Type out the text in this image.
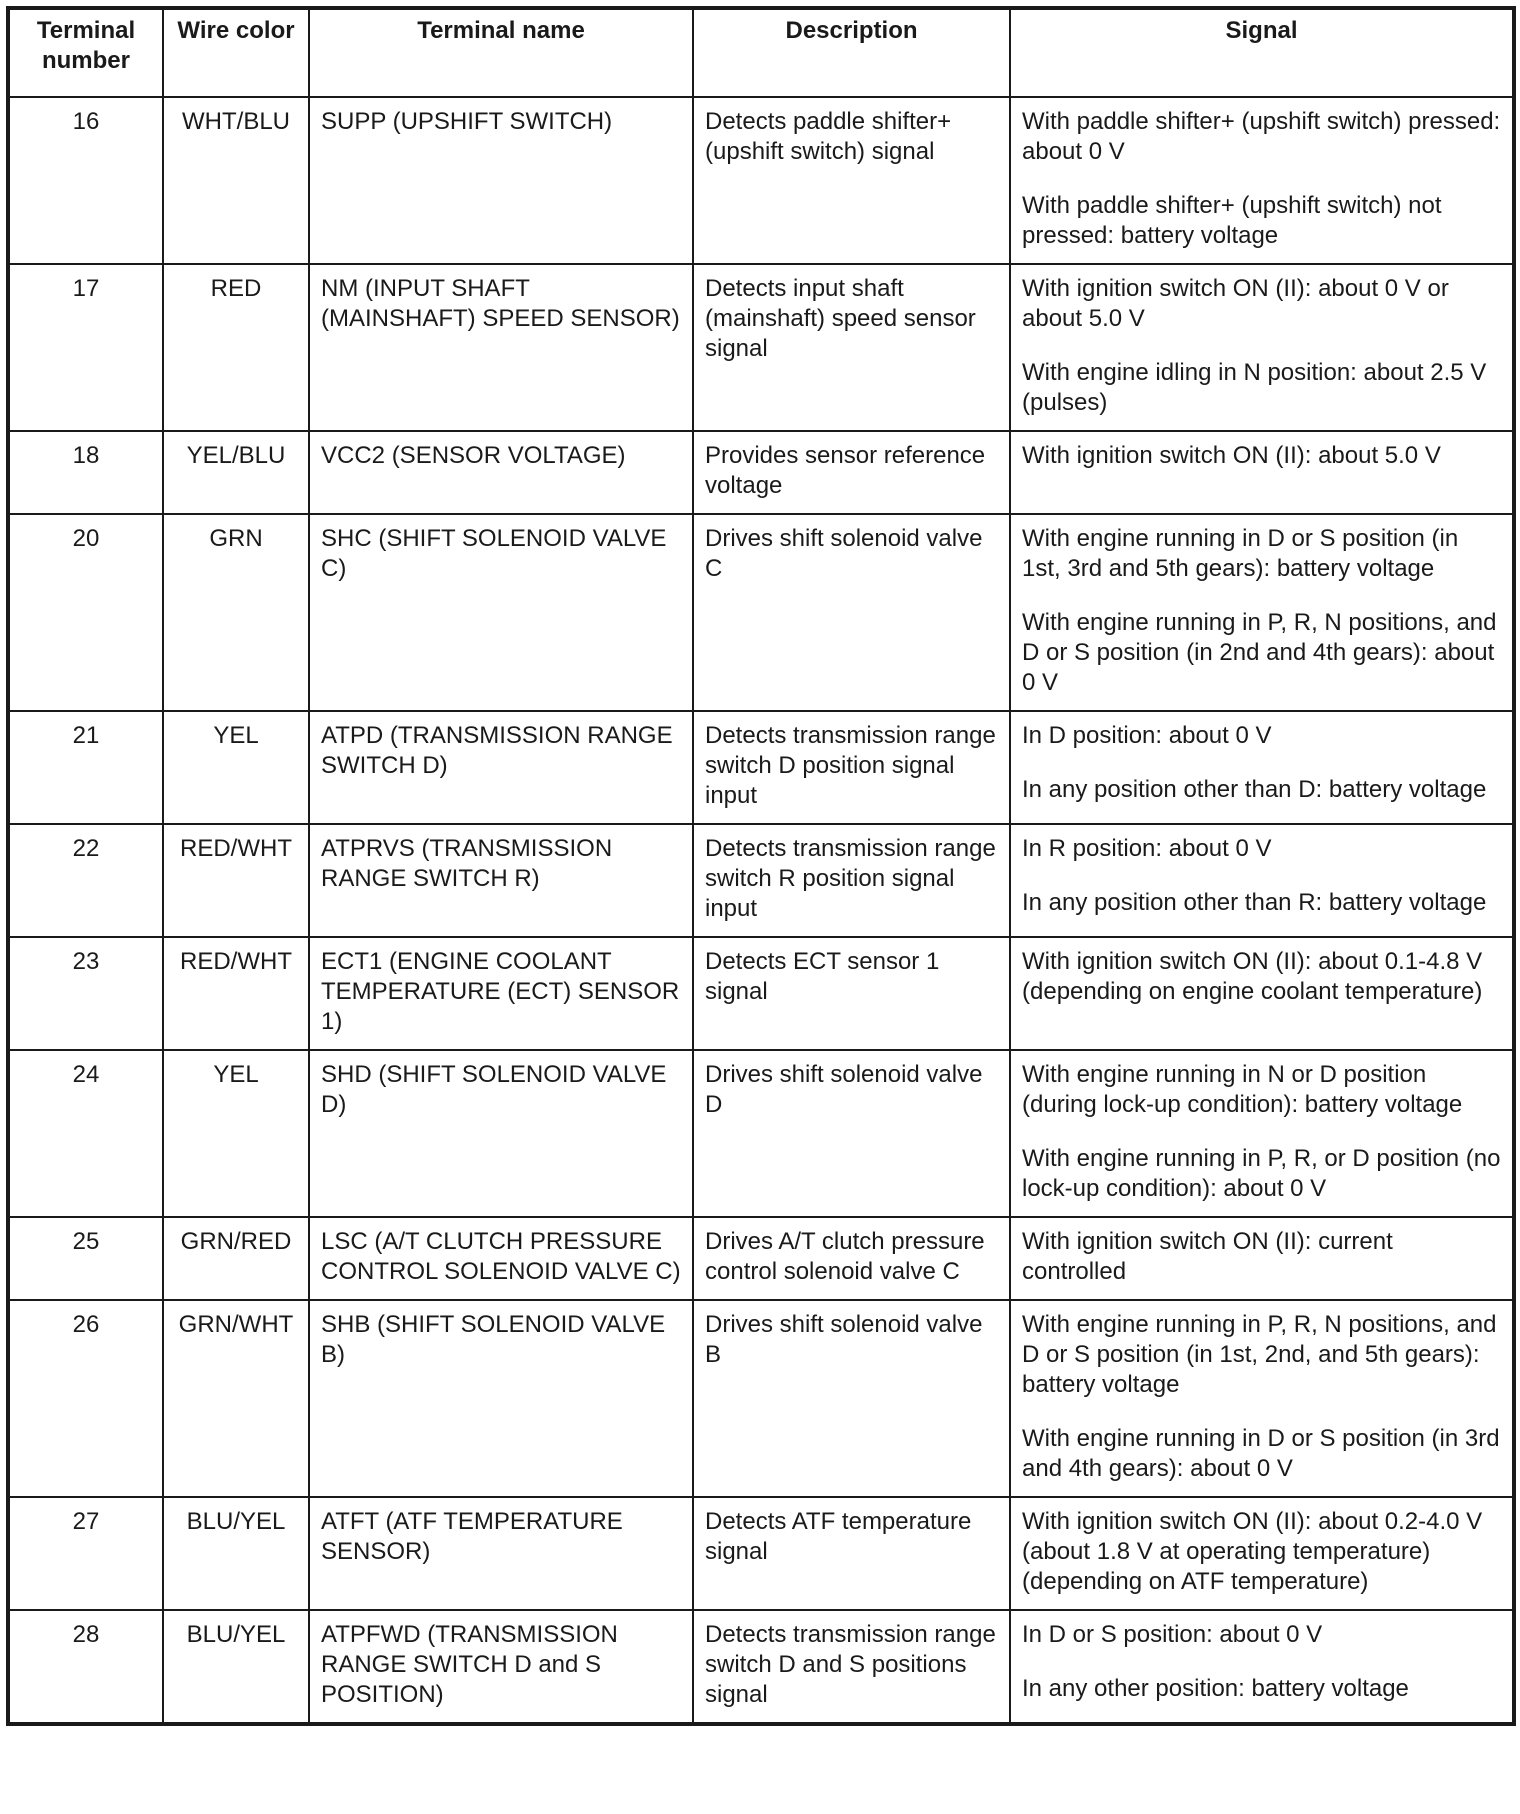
Terminal number	Wire color	Terminal name	Description	Signal
16	WHT/BLU	SUPP (UPSHIFT SWITCH)	Detects paddle shifter+ (upshift switch) signal	With paddle shifter+ (upshift switch) pressed: about 0 V
With paddle shifter+ (upshift switch) not pressed: battery voltage

17	RED	NM (INPUT SHAFT (MAINSHAFT) SPEED SENSOR)	Detects input shaft (mainshaft) speed sensor signal	With ignition switch ON (II): about 0 V or about 5.0 V
With engine idling in N position: about 2.5 V (pulses)

18	YEL/BLU	VCC2 (SENSOR VOLTAGE)	Provides sensor reference voltage	With ignition switch ON (II): about 5.0 V

20	GRN	SHC (SHIFT SOLENOID VALVE C)	Drives shift solenoid valve C	With engine running in D or S position (in 1st, 3rd and 5th gears): battery voltage
With engine running in P, R, N positions, and D or S position (in 2nd and 4th gears): about 0 V

21	YEL	ATPD (TRANSMISSION RANGE SWITCH D)	Detects transmission range switch D position signal input	In D position: about 0 V
In any position other than D: battery voltage

22	RED/WHT	ATPRVS (TRANSMISSION RANGE SWITCH R)	Detects transmission range switch R position signal input	In R position: about 0 V
In any position other than R: battery voltage

23	RED/WHT	ECT1 (ENGINE COOLANT TEMPERATURE (ECT) SENSOR 1)	Detects ECT sensor 1 signal	With ignition switch ON (II): about 0.1-4.8 V (depending on engine coolant temperature)

24	YEL	SHD (SHIFT SOLENOID VALVE D)	Drives shift solenoid valve D	With engine running in N or D position (during lock-up condition): battery voltage
With engine running in P, R, or D position (no lock-up condition): about 0 V

25	GRN/RED	LSC (A/T CLUTCH PRESSURE CONTROL SOLENOID VALVE C)	Drives A/T clutch pressure control solenoid valve C	With ignition switch ON (II): current controlled

26	GRN/WHT	SHB (SHIFT SOLENOID VALVE B)	Drives shift solenoid valve B	With engine running in P, R, N positions, and D or S position (in 1st, 2nd, and 5th gears): battery voltage
With engine running in D or S position (in 3rd and 4th gears): about 0 V

27	BLU/YEL	ATFT (ATF TEMPERATURE SENSOR)	Detects ATF temperature signal	With ignition switch ON (II): about 0.2-4.0 V (about 1.8 V at operating temperature) (depending on ATF temperature)

28	BLU/YEL	ATPFWD (TRANSMISSION RANGE SWITCH D and S POSITION)	Detects transmission range switch D and S positions signal	In D or S position: about 0 V
In any other position: battery voltage
